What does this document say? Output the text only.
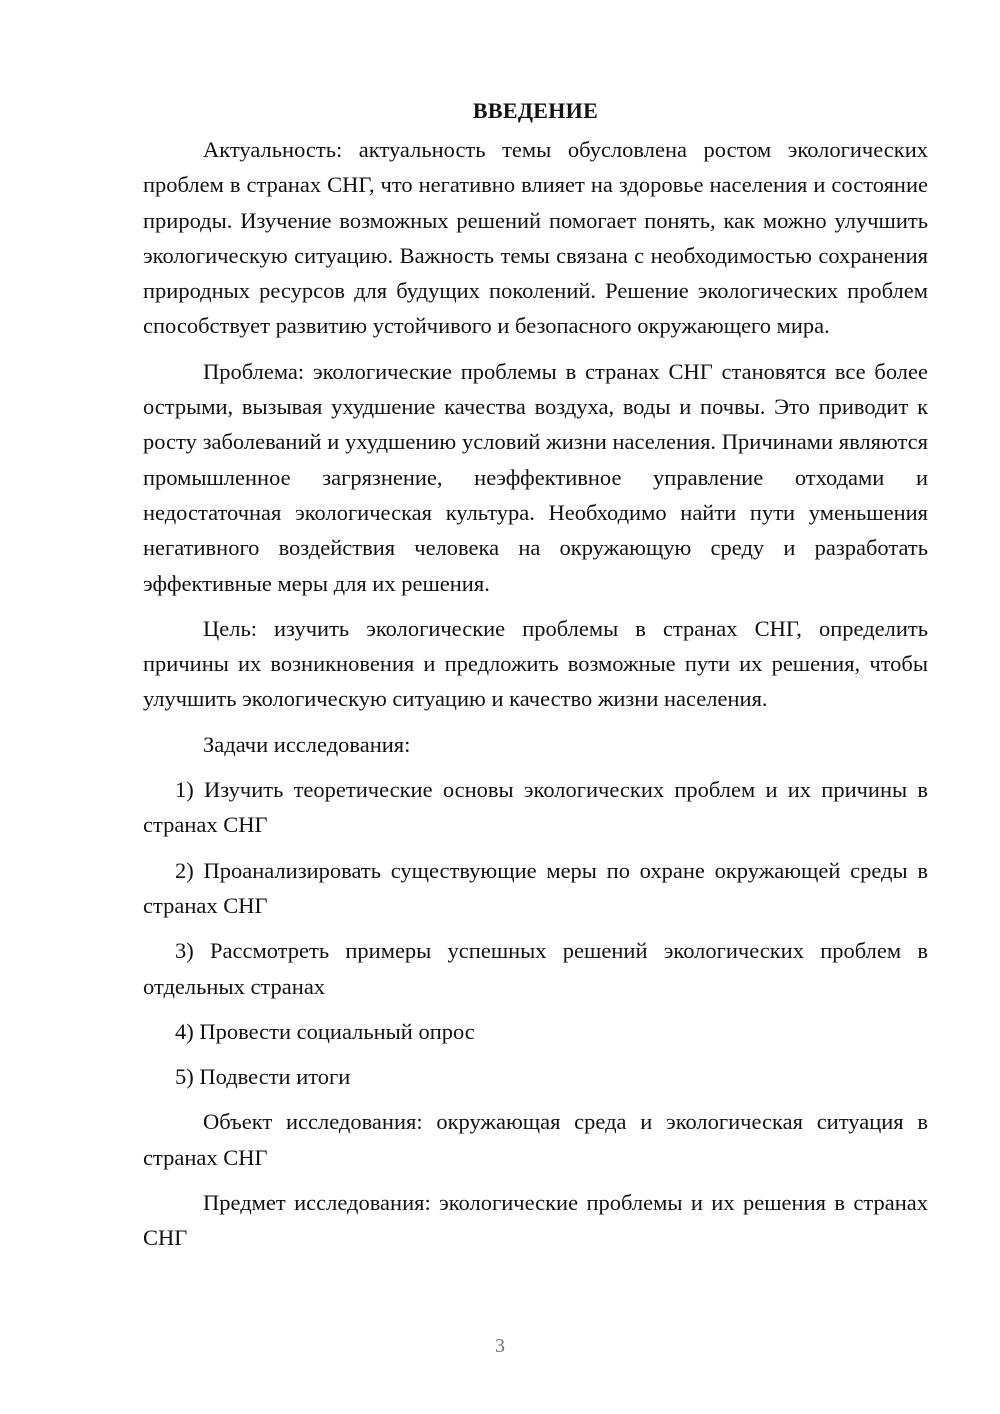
ВВЕДЕНИЕ

Актуальность: актуальность темы обусловлена ростом экологических проблем в странах СНГ, что негативно влияет на здоровье населения и состояние природы. Изучение возможных решений помогает понять, как можно улучшить экологическую ситуацию. Важность темы связана с необходимостью сохранения природных ресурсов для будущих поколений. Решение экологических проблем способствует развитию устойчивого и безопасного окружающего мира.

Проблема: экологические проблемы в странах СНГ становятся все более острыми, вызывая ухудшение качества воздуха, воды и почвы. Это приводит к росту заболеваний и ухудшению условий жизни населения. Причинами являются промышленное загрязнение, неэффективное управление отходами и недостаточная экологическая культура. Необходимо найти пути уменьшения негативного воздействия человека на окружающую среду и разработать эффективные меры для их решения.

Цель: изучить экологические проблемы в странах СНГ, определить причины их возникновения и предложить возможные пути их решения, чтобы улучшить экологическую ситуацию и качество жизни населения.

Задачи исследования:

1) Изучить теоретические основы экологических проблем и их причины в странах СНГ

2) Проанализировать существующие меры по охране окружающей среды в странах СНГ

3) Рассмотреть примеры успешных решений экологических проблем в отдельных странах

4) Провести социальный опрос

5) Подвести итоги

Объект исследования: окружающая среда и экологическая ситуация в странах СНГ

Предмет исследования: экологические проблемы и их решения в странах СНГ

3
